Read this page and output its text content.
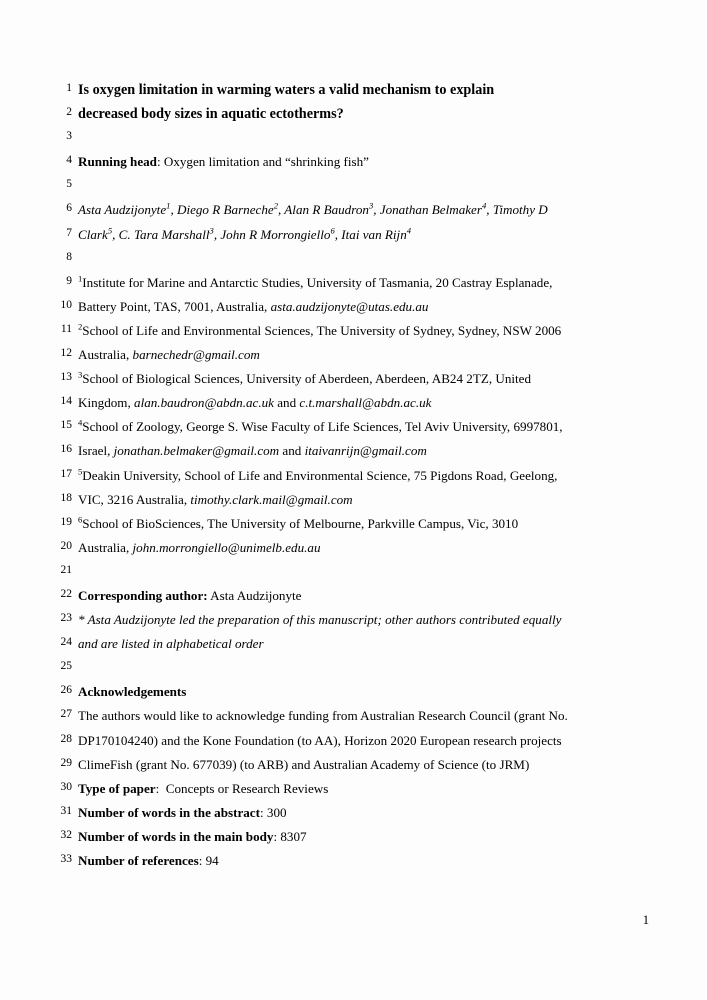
1 Is oxygen limitation in warming waters a valid mechanism to explain
2 decreased body sizes in aquatic ectotherms?
3

4 Running head: Oxygen limitation and “shrinking fish”
5

6 Asta Audzijonyte$^1$, Diego R Barneche$^2$, Alan R Baudron$^3$, Jonathan Belmaker$^4$, Timothy D
7 Clark$^5$, C. Tara Marshall$^3$, John R Morrongiello$^6$, Itai van Rijn$^4$
8

9 $^1$Institute for Marine and Antarctic Studies, University of Tasmania, 20 Castray Esplanade,
10 Battery Point, TAS, 7001, Australia, asta.audzijonyte@utas.edu.au
11 $^2$School of Life and Environmental Sciences, The University of Sydney, Sydney, NSW 2006
12 Australia, barnechedr@gmail.com
13 $^3$School of Biological Sciences, University of Aberdeen, Aberdeen, AB24 2TZ, United
14 Kingdom, alan.baudron@abdn.ac.uk and c.t.marshall@abdn.ac.uk
15 $^4$School of Zoology, George S. Wise Faculty of Life Sciences, Tel Aviv University, 6997801,
16 Israel, jonathan.belmaker@gmail.com and itaivanrijn@gmail.com
17 $^5$Deakin University, School of Life and Environmental Science, 75 Pigdons Road, Geelong,
18 VIC, 3216 Australia, timothy.clark.mail@gmail.com
19 $^6$School of BioSciences, The University of Melbourne, Parkville Campus, Vic, 3010
20 Australia, john.morrongiello@unimelb.edu.au
21

22 Corresponding author: Asta Audzijonyte
23 * Asta Audzijonyte led the preparation of this manuscript; other authors contributed equally
24 and are listed in alphabetical order
25

26 Acknowledgements
27 The authors would like to acknowledge funding from Australian Research Council (grant No.
28 DP170104240) and the Kone Foundation (to AA), Horizon 2020 European research projects
29 ClimeFish (grant No. 677039) (to ARB) and Australian Academy of Science (to JRM)
30 Type of paper:  Concepts or Research Reviews
31 Number of words in the abstract: 300
32 Number of words in the main body: 8307
33 Number of references: 94
1
